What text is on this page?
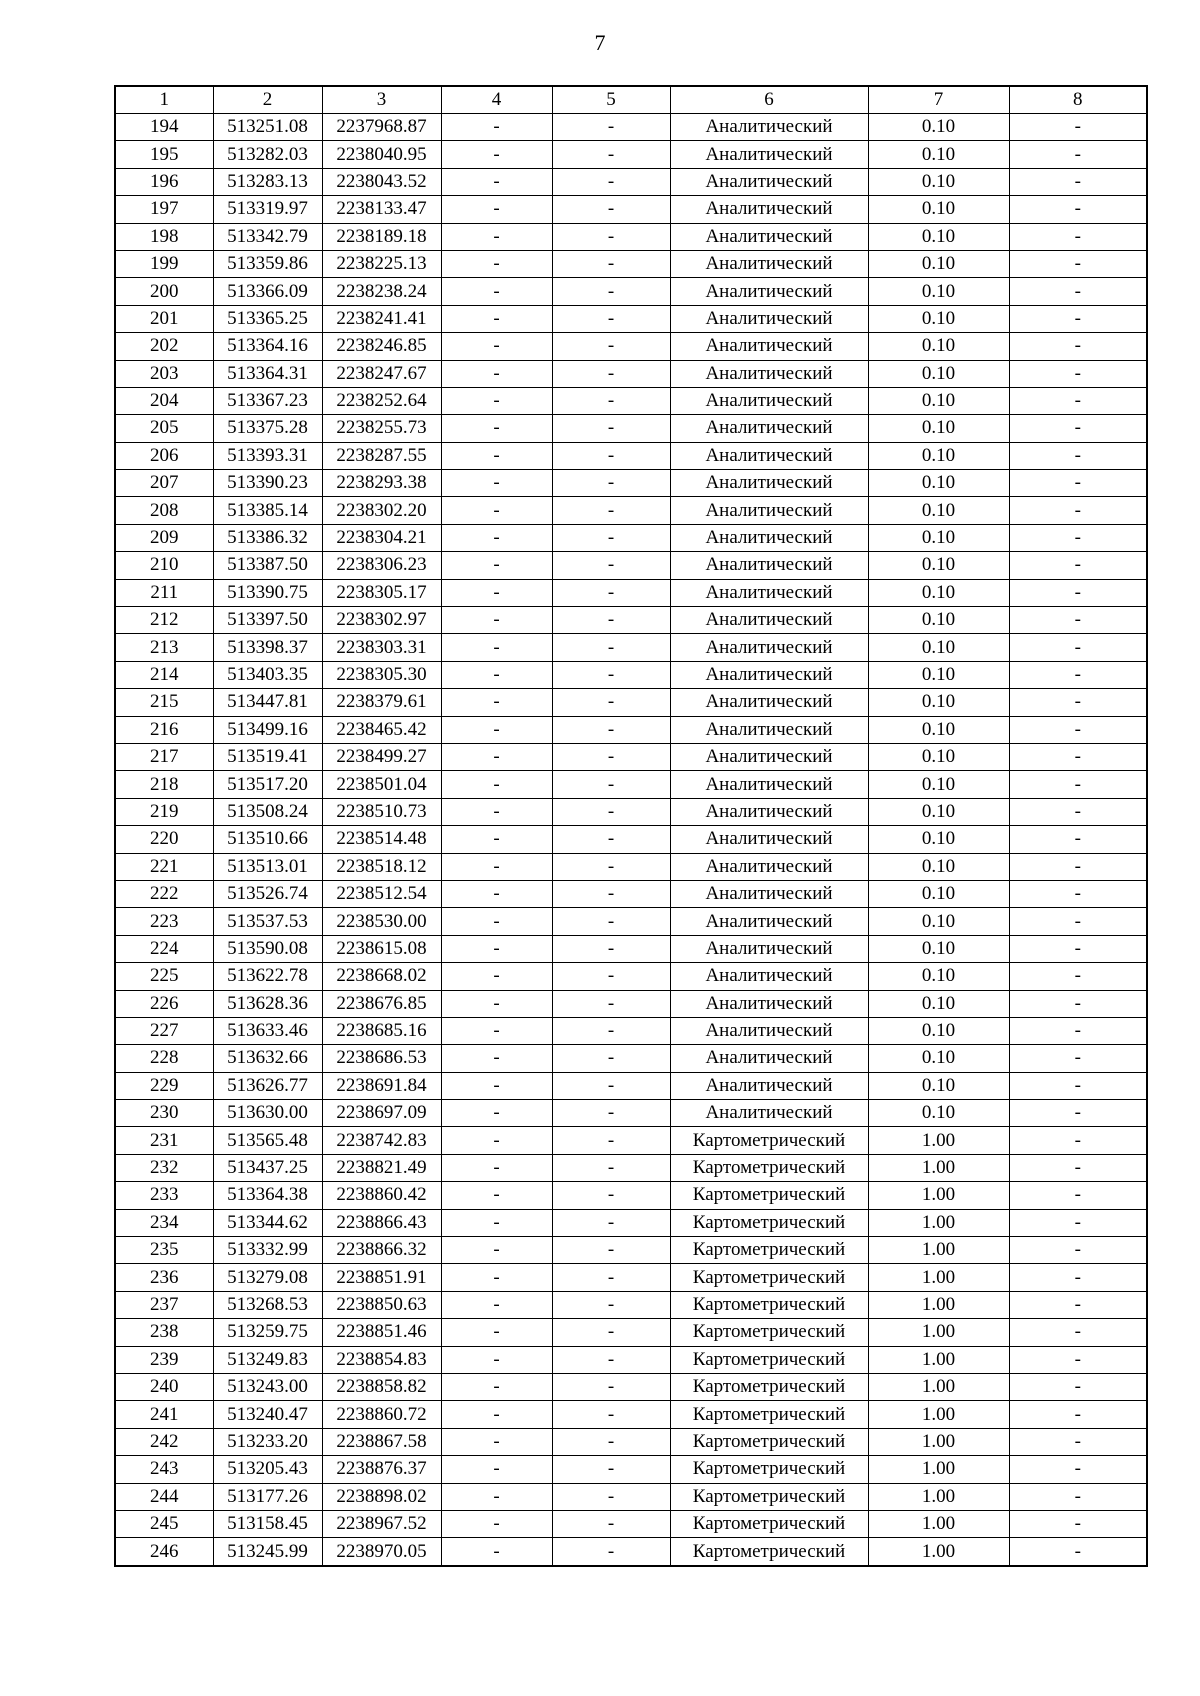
7
1	2	3	4	5	6	7	8
194	513251.08	2237968.87	-	-	Аналитический	0.10	-
195	513282.03	2238040.95	-	-	Аналитический	0.10	-
196	513283.13	2238043.52	-	-	Аналитический	0.10	-
197	513319.97	2238133.47	-	-	Аналитический	0.10	-
198	513342.79	2238189.18	-	-	Аналитический	0.10	-
199	513359.86	2238225.13	-	-	Аналитический	0.10	-
200	513366.09	2238238.24	-	-	Аналитический	0.10	-
201	513365.25	2238241.41	-	-	Аналитический	0.10	-
202	513364.16	2238246.85	-	-	Аналитический	0.10	-
203	513364.31	2238247.67	-	-	Аналитический	0.10	-
204	513367.23	2238252.64	-	-	Аналитический	0.10	-
205	513375.28	2238255.73	-	-	Аналитический	0.10	-
206	513393.31	2238287.55	-	-	Аналитический	0.10	-
207	513390.23	2238293.38	-	-	Аналитический	0.10	-
208	513385.14	2238302.20	-	-	Аналитический	0.10	-
209	513386.32	2238304.21	-	-	Аналитический	0.10	-
210	513387.50	2238306.23	-	-	Аналитический	0.10	-
211	513390.75	2238305.17	-	-	Аналитический	0.10	-
212	513397.50	2238302.97	-	-	Аналитический	0.10	-
213	513398.37	2238303.31	-	-	Аналитический	0.10	-
214	513403.35	2238305.30	-	-	Аналитический	0.10	-
215	513447.81	2238379.61	-	-	Аналитический	0.10	-
216	513499.16	2238465.42	-	-	Аналитический	0.10	-
217	513519.41	2238499.27	-	-	Аналитический	0.10	-
218	513517.20	2238501.04	-	-	Аналитический	0.10	-
219	513508.24	2238510.73	-	-	Аналитический	0.10	-
220	513510.66	2238514.48	-	-	Аналитический	0.10	-
221	513513.01	2238518.12	-	-	Аналитический	0.10	-
222	513526.74	2238512.54	-	-	Аналитический	0.10	-
223	513537.53	2238530.00	-	-	Аналитический	0.10	-
224	513590.08	2238615.08	-	-	Аналитический	0.10	-
225	513622.78	2238668.02	-	-	Аналитический	0.10	-
226	513628.36	2238676.85	-	-	Аналитический	0.10	-
227	513633.46	2238685.16	-	-	Аналитический	0.10	-
228	513632.66	2238686.53	-	-	Аналитический	0.10	-
229	513626.77	2238691.84	-	-	Аналитический	0.10	-
230	513630.00	2238697.09	-	-	Аналитический	0.10	-
231	513565.48	2238742.83	-	-	Картометрический	1.00	-
232	513437.25	2238821.49	-	-	Картометрический	1.00	-
233	513364.38	2238860.42	-	-	Картометрический	1.00	-
234	513344.62	2238866.43	-	-	Картометрический	1.00	-
235	513332.99	2238866.32	-	-	Картометрический	1.00	-
236	513279.08	2238851.91	-	-	Картометрический	1.00	-
237	513268.53	2238850.63	-	-	Картометрический	1.00	-
238	513259.75	2238851.46	-	-	Картометрический	1.00	-
239	513249.83	2238854.83	-	-	Картометрический	1.00	-
240	513243.00	2238858.82	-	-	Картометрический	1.00	-
241	513240.47	2238860.72	-	-	Картометрический	1.00	-
242	513233.20	2238867.58	-	-	Картометрический	1.00	-
243	513205.43	2238876.37	-	-	Картометрический	1.00	-
244	513177.26	2238898.02	-	-	Картометрический	1.00	-
245	513158.45	2238967.52	-	-	Картометрический	1.00	-
246	513245.99	2238970.05	-	-	Картометрический	1.00	-
